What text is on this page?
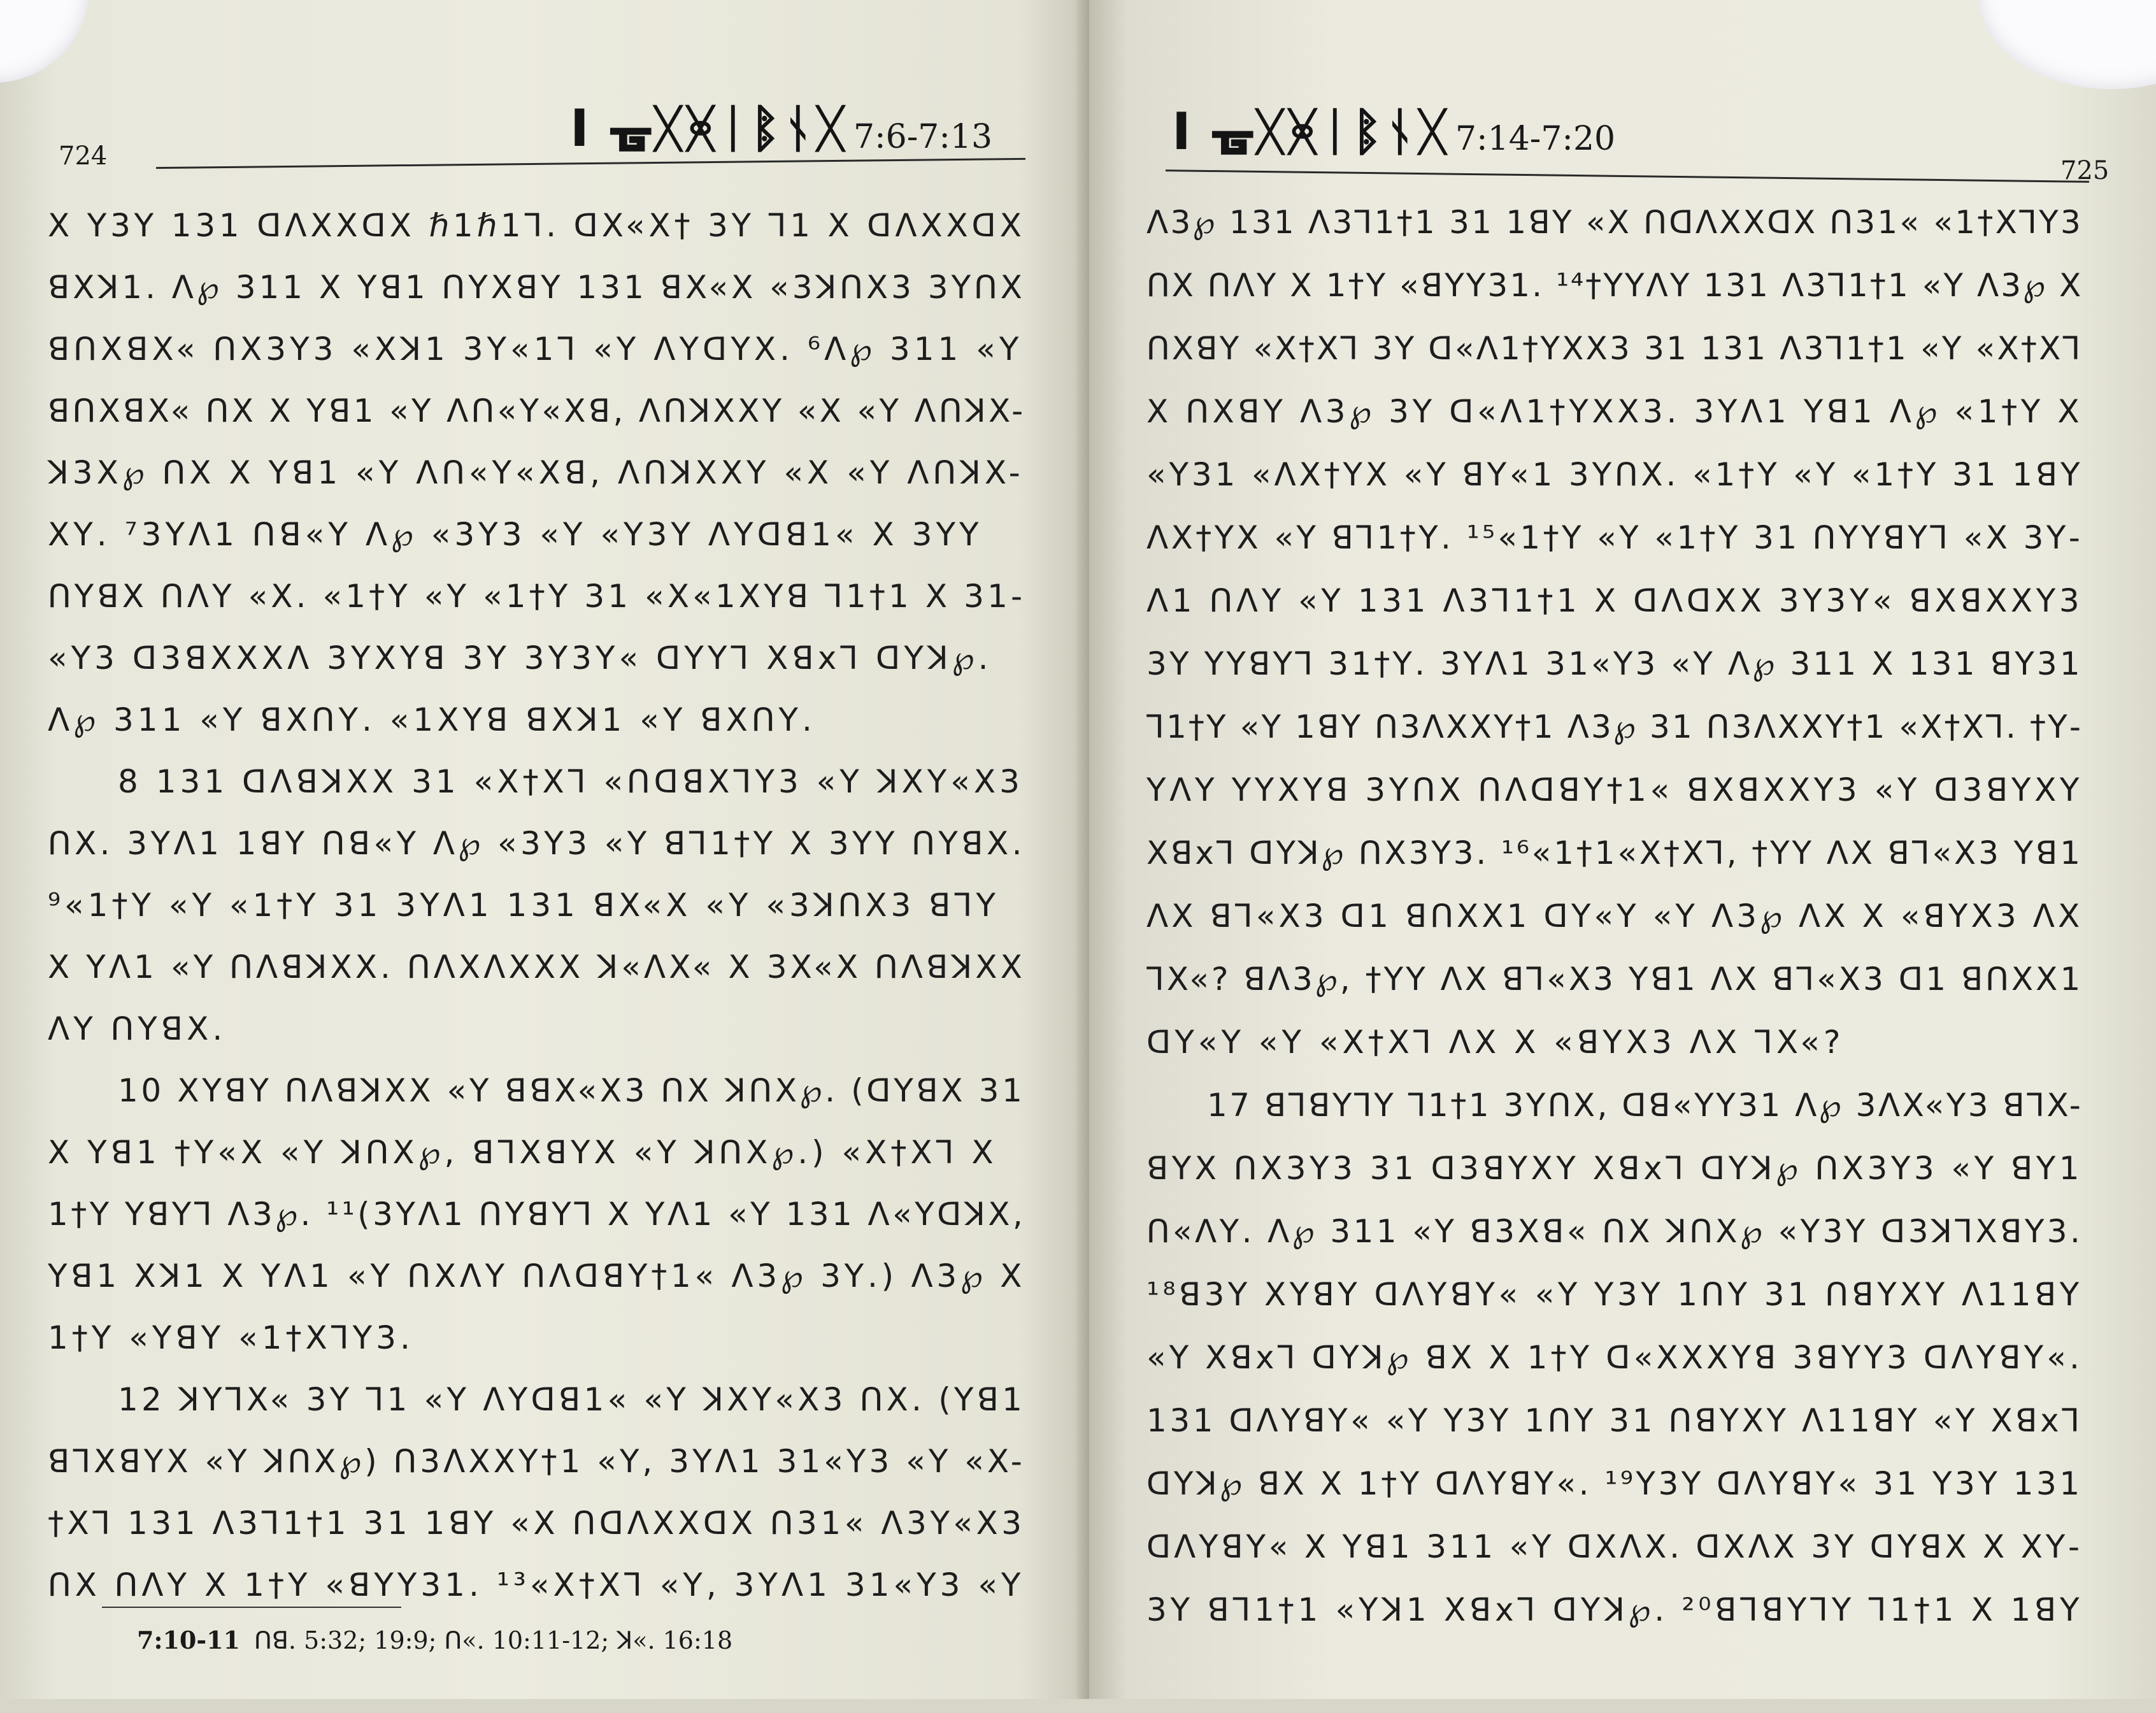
724	I ᚗᚷᚸᛁᛔᚾᚷ 7:6-7:13
X ꓬ3ꓬ 131 ꓷꓥXXꓷX ℏ1ℏ1ꓶ. ꓷX«X† 3ꓬ ꓶ1 X ꓷꓥXXꓷX
ꓭXꓘ1. ꓥ℘ 311 X ꓬꓭ1 ꓵꓬXꓭꓬ 131 ꓭX«X «3ꓘꓵX3 3ꓬꓵX
ꓭꓵXꓭX« ꓵX3ꓬ3 «Xꓘ1 3ꓬ«1ꓶ «ꓬ ꓥꓬꓷꓬꓫ. ⁶ꓥ℘ 311 «ꓬ
ꓭꓵXꓭX« ꓵX X ꓬꓭ1 «ꓬ ꓥꓵ«ꓬ«Xꓭ, ꓥꓵꓘXXꓬ «X «ꓬ ꓥꓵꓘX-
ꓘ3ꓫ℘ ꓵX X ꓬꓭ1 «ꓬ ꓥꓵ«ꓬ«Xꓭ, ꓥꓵꓘXXꓬ «X «ꓬ ꓥꓵꓘX-
Xꓬ. ⁷3ꓬꓥ1 ꓵꓭ«ꓬ ꓥ℘ «3ꓬ3 «ꓬ «ꓬ3ꓬ ꓥꓬꓷꓭ1« X 3ꓬꓬ
ꓵꓬꓭX ꓵꓥꓬ «X. «1†ꓬ «ꓬ «1†ꓬ 31 «ꓫ«1ꓫꓬꓭ ꓶ1†1 X 31-
«ꓬ3 ꓷ3ꓭXꓫXꓥ 3ꓬꓫꓬꓭ 3ꓬ 3ꓬ3ꓬ« ꓷꓬꓬꓶ Xꓭxꓶ ꓷꓬꓘ℘.
ꓥ℘ 311 «ꓬ ꓭXꓵꓬ. «1ꓫꓬꓭ ꓭXꓘ1 «ꓬ ꓭXꓵꓬ.
8 131 ꓷꓥꓭꓘXꓫ 31 «X†Xꓶ «ꓵꓷꓭXꓶꓬ3 «ꓬ ꓘꓫꓬ«X3
ꓵX. 3ꓬꓥ1 1ꓭꓬ ꓵꓭ«ꓬ ꓥ℘ «3ꓬ3 «ꓬ ꓭꓶ1†ꓬ X 3ꓬꓬ ꓵꓬꓭX.
⁹«1†ꓬ «ꓬ «1†ꓬ 31 3ꓬꓥ1 131 ꓭX«X «ꓬ «3ꓘꓵX3 ꓭꓶꓬ
X ꓬꓥ1 «ꓬ ꓵꓥꓭꓘXꓫ. ꓵꓥꓫꓥXꓫX ꓘ«ꓥX« X 3X«X ꓵꓥꓭꓘXꓫ
ꓥꓬ ꓵꓬꓭX.
10 Xꓬꓭꓬ ꓵꓥꓭꓘXꓫ «ꓬ ꓭꓭX«X3 ꓵX ꓘꓵꓫ℘. (ꓷꓬꓭꓫ 31
X ꓬꓭ1 †ꓬ«X «ꓬ ꓘꓵꓫ℘, ꓭꓶXꓭꓬꓫ «ꓬ ꓘꓵꓫ℘.) «X†Xꓶ X
1†ꓬ ꓬꓭꓬꓶ ꓥ3℘. ¹¹(3ꓬꓥ1 ꓵꓬꓭꓬꓶ X ꓬꓥ1 «ꓬ 131 ꓥ«ꓬꓷꓘX,
ꓬꓭ1 Xꓘ1 X ꓬꓥ1 «ꓬ ꓵXꓥꓬ ꓵꓥꓷꓭꓬ†1« ꓥ3℘ 3ꓬ.) ꓥ3℘ X
1†ꓬ «ꓬꓭꓬ «1†Xꓶꓬ3.
12 ꓘꓬꓶX« 3ꓬ ꓶ1 «ꓬ ꓥꓬꓷꓭ1« «ꓬ ꓘꓫꓬ«X3 ꓵX. (ꓬꓭ1
ꓭꓶXꓭꓬꓫ «ꓬ ꓘꓵꓫ℘) ꓵ3ꓥXXꓬ†1 «ꓬ, 3ꓬꓥ1 31«ꓬ3 «ꓬ «X-
†Xꓶ 131 ꓥ3ꓶ1†1 31 1ꓭꓬ «X ꓵꓷꓥXXꓷX ꓵ31« ꓥ3ꓬ«X3
ꓵX ꓵꓥꓬ X 1†ꓬ «ꓭꓬꓬ31. ¹³«X†Xꓶ «ꓬ, 3ꓬꓥ1 31«ꓬ3 «ꓬ
7:10-11 ꓵꓭ. 5:32; 19:9; ꓵ«. 10:11-12; ꓘ«. 16:18
I ᚗᚷᚸᛁᛔᚾᚷ 7:14-7:20
725
ꓥ3℘ 131 ꓥ3ꓶ1†1 31 1ꓭꓬ «X ꓵꓷꓥXXꓷX ꓵ31« «1†Xꓶꓬ3
ꓵX ꓵꓥꓬ X 1†ꓬ «ꓭꓬꓬ31. ¹⁴†ꓬꓬꓥꓬ 131 ꓥ3ꓶ1†1 «ꓬ ꓥ3℘ X
ꓵXꓭꓬ «X†Xꓶ 3ꓬ ꓷ«ꓥ1†ꓬꓫX3 31 131 ꓥ3ꓶ1†1 «ꓬ «X†Xꓶ
X ꓵXꓭꓬ ꓥ3℘ 3ꓬ ꓷ«ꓥ1†ꓬꓫX3. 3ꓬꓥ1 ꓬꓭ1 ꓥ℘ «1†ꓬ X
«ꓬ31 «ꓥX†ꓬꓫ «ꓬ ꓭꓬ«1 3ꓬꓵX. «1†ꓬ «ꓬ «1†ꓬ 31 1ꓭꓬ
ꓥX†ꓬꓫ «ꓬ ꓭꓶ1†ꓬ. ¹⁵«1†ꓬ «ꓬ «1†ꓬ 31 ꓵꓬꓬꓭꓬꓶ «X 3ꓬ-
ꓥ1 ꓵꓥꓬ «ꓬ 131 ꓥ3ꓶ1†1 X ꓷꓥꓷXꓫ 3ꓬ3ꓬ« ꓭꓫꓭXꓫꓬ3
3ꓬ ꓬꓬꓭꓬꓶ 31†ꓬ. 3ꓬꓥ1 31«ꓬ3 «ꓬ ꓥ℘ 311 X 131 ꓭꓬ31
ꓶ1†ꓬ «ꓬ 1ꓭꓬ ꓵ3ꓥXXꓬ†1 ꓥ3℘ 31 ꓵ3ꓥXXꓬ†1 «X†Xꓶ. †ꓬ-
ꓬꓥꓬ ꓬꓬꓫꓬꓭ 3ꓬꓵX ꓵꓥꓷꓭꓬ†1« ꓭꓫꓭXꓫꓬ3 «ꓬ ꓷ3ꓭꓬXꓬ
Xꓭxꓶ ꓷꓬꓘ℘ ꓵX3ꓬ3. ¹⁶«1†1«X†Xꓶ, †ꓬꓬ ꓥX ꓭꓶ«X3 ꓬꓭ1
ꓥX ꓭꓶ«X3 ꓷ1 ꓭꓵXX1 ꓷꓬ«ꓬ «ꓬ ꓥ3℘ ꓥX X «ꓭꓬX3 ꓥX
ꓶX«? ꓭꓥ3℘, †ꓬꓬ ꓥX ꓭꓶ«X3 ꓬꓭ1 ꓥX ꓭꓶ«X3 ꓷ1 ꓭꓵXX1
ꓷꓬ«ꓬ «ꓬ «X†Xꓶ ꓥX X «ꓭꓬX3 ꓥX ꓶX«?
17 ꓭꓶꓭꓬꓶꓬ ꓶ1†1 3ꓬꓵX, ꓷꓭ«ꓬꓬ31 ꓥ℘ 3ꓥX«ꓬ3 ꓭꓶX-
ꓭꓬꓫ ꓵX3ꓬ3 31 ꓷ3ꓭꓬXꓬ Xꓭxꓶ ꓷꓬꓘ℘ ꓵX3ꓬ3 «ꓬ ꓭꓬ1
ꓵ«ꓥꓬ. ꓥ℘ 311 «ꓬ ꓭ3Xꓭ« ꓵX ꓘꓵꓫ℘ «ꓬ3ꓬ ꓷ3ꓘꓶXꓭꓬ3.
¹⁸ꓭ3ꓬ Xꓬꓭꓬ ꓷꓥꓬꓭꓬ« «ꓬ ꓬ3ꓬ 1ꓵꓬ 31 ꓵꓭꓬXꓬ ꓥ11ꓭꓬ
«ꓬ Xꓭxꓶ ꓷꓬꓘ℘ ꓭX X 1†ꓬ ꓷ«XXꓫꓬꓭ 3ꓭꓬꓬ3 ꓷꓥꓬꓭꓬ«.
131 ꓷꓥꓬꓭꓬ« «ꓬ ꓬ3ꓬ 1ꓵꓬ 31 ꓵꓭꓬXꓬ ꓥ11ꓭꓬ «ꓬ Xꓭxꓶ
ꓷꓬꓘ℘ ꓭX X 1†ꓬ ꓷꓥꓬꓭꓬ«. ¹⁹ꓬ3ꓬ ꓷꓥꓬꓭꓬ« 31 ꓬ3ꓬ 131
ꓷꓥꓬꓭꓬ« X ꓬꓭ1 311 «ꓬ ꓷXꓥX. ꓷXꓥX 3ꓬ ꓷꓬꓭꓫ X Xꓬ-
3ꓬ ꓭꓶ1†1 «ꓬꓘ1 Xꓭxꓶ ꓷꓬꓘ℘. ²⁰ꓭꓶꓭꓬꓶꓬ ꓶ1†1 X 1ꓭꓬ
